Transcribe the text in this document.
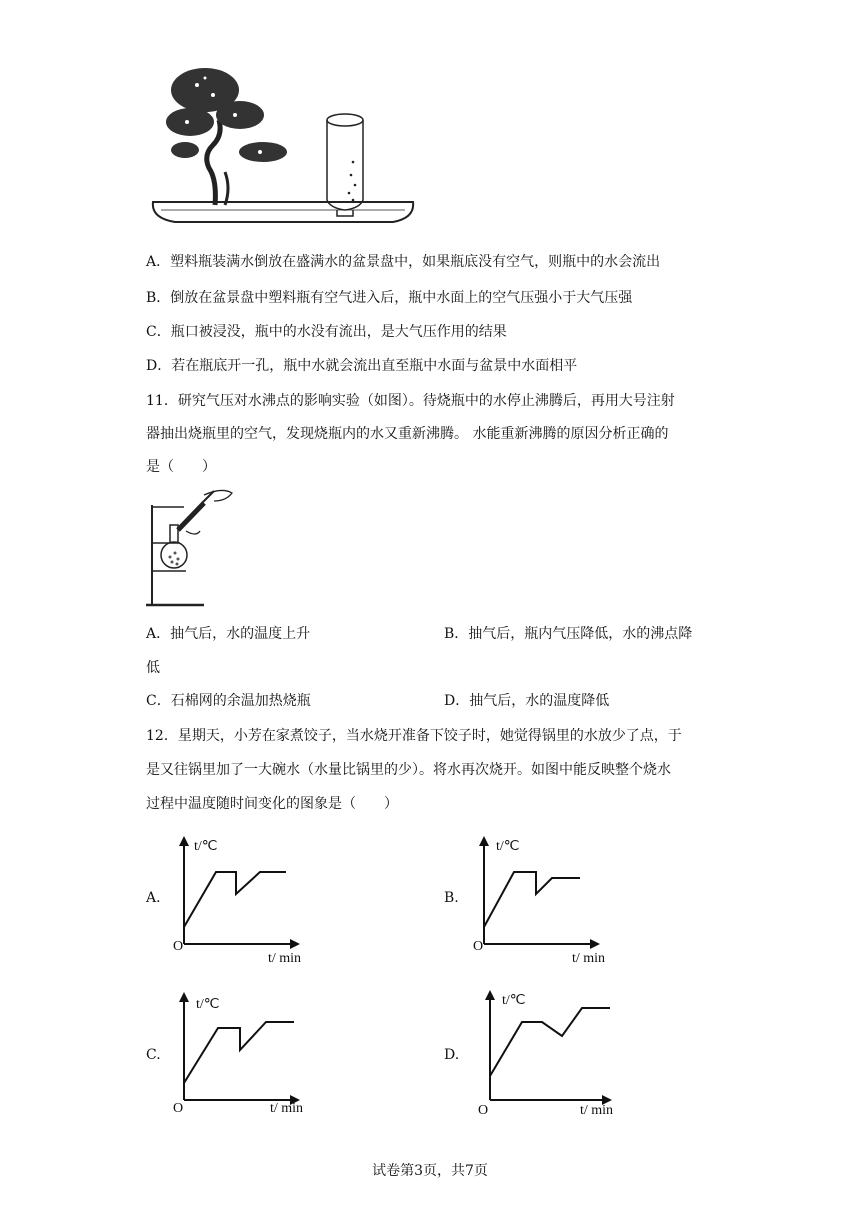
A．塑料瓶装满水倒放在盛满水的盆景盘中，如果瓶底没有空气，则瓶中的水会流出
B．倒放在盆景盘中塑料瓶有空气进入后，瓶中水面上的空气压强小于大气压强
C．瓶口被浸没，瓶中的水没有流出，是大气压作用的结果
D．若在瓶底开一孔，瓶中水就会流出直至瓶中水面与盆景中水面相平
11．研究气压对水沸点的影响实验（如图）。待烧瓶中的水停止沸腾后，再用大号注射
器抽出烧瓶里的空气，发现烧瓶内的水又重新沸腾。 水能重新沸腾的原因分析正确的
是（　　）
A．抽气后，水的温度上升	B．抽气后，瓶内气压降低，水的沸点降
低
C．石棉网的余温加热烧瓶	D．抽气后，水的温度降低
12．星期天，小芳在家煮饺子，当水烧开准备下饺子时，她觉得锅里的水放少了点，于
是又往锅里加了一大碗水（水量比锅里的少）。将水再次烧开。如图中能反映整个烧水
过程中温度随时间变化的图象是（　　）
A.
t/℃
t/ min
O
B.
t/℃
t/ min
O
C.
t/℃
t/ min
O
D.
t/℃
t/ min
O
试卷第3页，共7页
